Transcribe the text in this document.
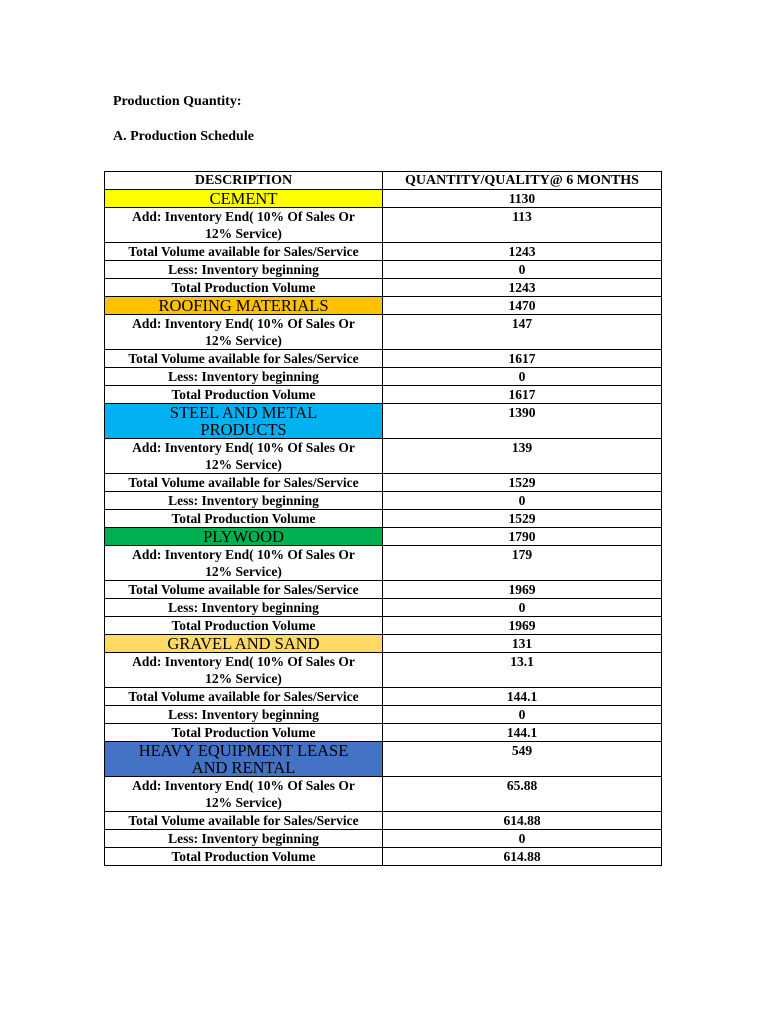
Production Quantity:
A. Production Schedule
DESCRIPTION	QUANTITY/QUALITY@ 6 MONTHS

CEMENT	1130

Add: Inventory End( 10% Of Sales Or
12% Service)	113
Total Volume available for Sales/Service	1243
Less: Inventory beginning	0
Total Production Volume	1243

ROOFING MATERIALS	1470

Add: Inventory End( 10% Of Sales Or
12% Service)	147
Total Volume available for Sales/Service	1617
Less: Inventory beginning	0
Total Production Volume	1617

STEEL AND METAL
PRODUCTS	1390

Add: Inventory End( 10% Of Sales Or
12% Service)	139
Total Volume available for Sales/Service	1529
Less: Inventory beginning	0
Total Production Volume	1529

PLYWOOD	1790

Add: Inventory End( 10% Of Sales Or
12% Service)	179
Total Volume available for Sales/Service	1969
Less: Inventory beginning	0
Total Production Volume	1969

GRAVEL AND SAND	131

Add: Inventory End( 10% Of Sales Or
12% Service)	13.1
Total Volume available for Sales/Service	144.1
Less: Inventory beginning	0
Total Production Volume	144.1

HEAVY EQUIPMENT LEASE
AND RENTAL	549

Add: Inventory End( 10% Of Sales Or
12% Service)	65.88
Total Volume available for Sales/Service	614.88
Less: Inventory beginning	0
Total Production Volume	614.88
